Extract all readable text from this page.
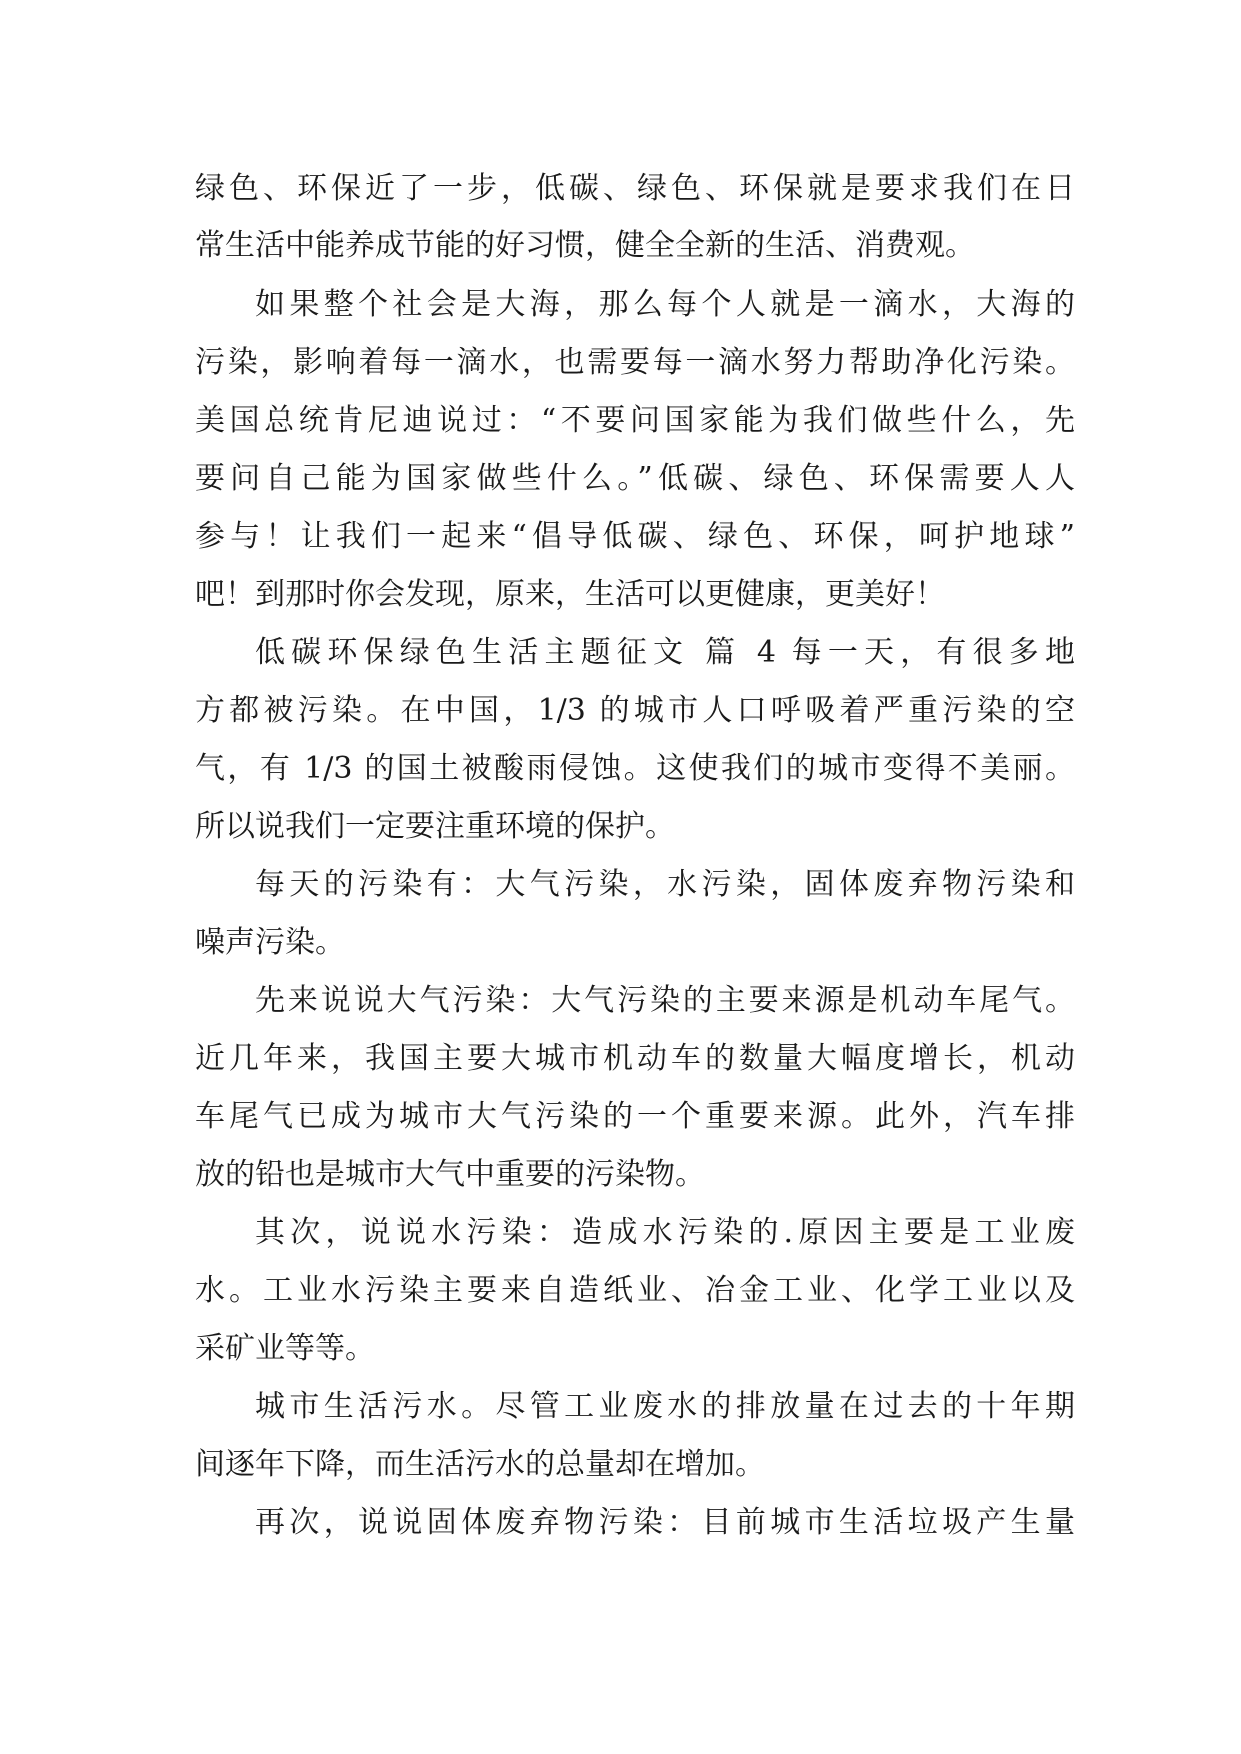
绿色、环保近了一步，低碳、绿色、环保就是要求我们在日
常生活中能养成节能的好习惯，健全全新的生活、消费观。
如果整个社会是大海，那么每个人就是一滴水，大海的
污染，影响着每一滴水，也需要每一滴水努力帮助净化污染。
美国总统肯尼迪说过：“不要问国家能为我们做些什么，先
要问自己能为国家做些什么。”低碳、绿色、环保需要人人
参与！让我们一起来“倡导低碳、绿色、环保，呵护地球”
吧！到那时你会发现，原来，生活可以更健康，更美好！
低碳环保绿色生活主题征文 篇 4 每一天，有很多地
方都被污染。在中国，1/3 的城市人口呼吸着严重污染的空
气，有 1/3 的国土被酸雨侵蚀。这使我们的城市变得不美丽。
所以说我们一定要注重环境的保护。
每天的污染有：大气污染，水污染，固体废弃物污染和
噪声污染。
先来说说大气污染：大气污染的主要来源是机动车尾气。
近几年来，我国主要大城市机动车的数量大幅度增长，机动
车尾气已成为城市大气污染的一个重要来源。此外，汽车排
放的铅也是城市大气中重要的污染物。
其次，说说水污染：造成水污染的.原因主要是工业废
水。工业水污染主要来自造纸业、冶金工业、化学工业以及
采矿业等等。
城市生活污水。尽管工业废水的排放量在过去的十年期
间逐年下降，而生活污水的总量却在增加。
再次，说说固体废弃物污染：目前城市生活垃圾产生量
